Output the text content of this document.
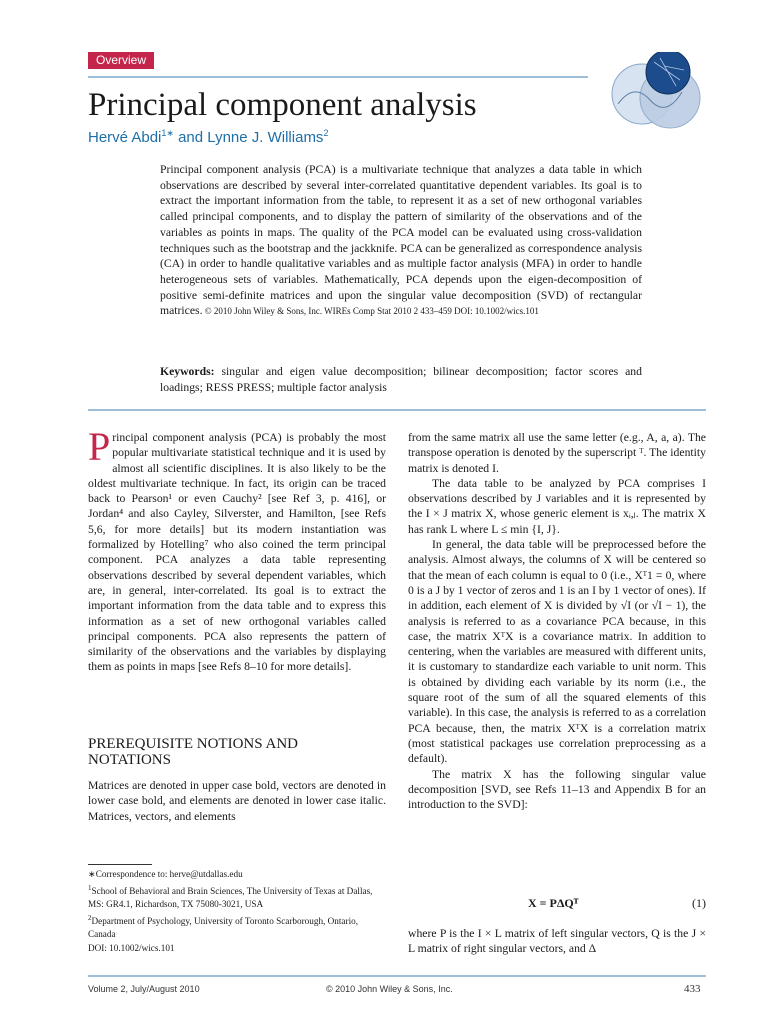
Overview
Principal component analysis
Hervé Abdi$^{1∗}$ and Lynne J. Williams$^2$

Principal component analysis (PCA) is a multivariate technique that analyzes a data table in which observations are described by several inter-correlated quantitative dependent variables. Its goal is to extract the important information from the table, to represent it as a set of new orthogonal variables called principal components, and to display the pattern of similarity of the observations and of the variables as points in maps. The quality of the PCA model can be evaluated using cross-validation techniques such as the bootstrap and the jackknife. PCA can be generalized as correspondence analysis (CA) in order to handle qualitative variables and as multiple factor analysis (MFA) in order to handle heterogeneous sets of variables. Mathematically, PCA depends upon the eigen-decomposition of positive semi-definite matrices and upon the singular value decomposition (SVD) of rectangular matrices. © 2010 John Wiley & Sons, Inc. WIREs Comp Stat 2010 2 433–459 DOI: 10.1002/wics.101

Keywords: singular and eigen value decomposition; bilinear decomposition; factor scores and loadings; RESS PRESS; multiple factor analysis

Principal component analysis (PCA) is probably the most popular multivariate statistical technique and it is used by almost all scientific disciplines. It is also likely to be the oldest multivariate technique. In fact, its origin can be traced back to Pearson¹ or even Cauchy² [see Ref 3, p. 416], or Jordan⁴ and also Cayley, Silverster, and Hamilton, [see Refs 5,6, for more details] but its modern instantiation was formalized by Hotelling⁷ who also coined the term principal component. PCA analyzes a data table representing observations described by several dependent variables, which are, in general, inter-correlated. Its goal is to extract the important information from the data table and to express this information as a set of new orthogonal variables called principal components. PCA also represents the pattern of similarity of the observations and the variables by displaying them as points in maps [see Refs 8–10 for more details].

PREREQUISITE NOTIONS AND NOTATIONS

Matrices are denoted in upper case bold, vectors are denoted in lower case bold, and elements are denoted in lower case italic. Matrices, vectors, and elements

∗Correspondence to: herve@utdallas.edu

$^1$School of Behavioral and Brain Sciences, The University of Texas at Dallas, MS: GR4.1, Richardson, TX 75080-3021, USA

$^2$Department of Psychology, University of Toronto Scarborough, Ontario, Canada

DOI: 10.1002/wics.101

from the same matrix all use the same letter (e.g., A, a, a). The transpose operation is denoted by the superscript ᵀ. The identity matrix is denoted I.

The data table to be analyzed by PCA comprises I observations described by J variables and it is represented by the I × J matrix X, whose generic element is xᵢ,ⱼ. The matrix X has rank L where L ≤ min {I, J}.

In general, the data table will be preprocessed before the analysis. Almost always, the columns of X will be centered so that the mean of each column is equal to 0 (i.e., Xᵀ1 = 0, where 0 is a J by 1 vector of zeros and 1 is an I by 1 vector of ones). If in addition, each element of X is divided by √I (or √I − 1), the analysis is referred to as a covariance PCA because, in this case, the matrix XᵀX is a covariance matrix. In addition to centering, when the variables are measured with different units, it is customary to standardize each variable to unit norm. This is obtained by dividing each variable by its norm (i.e., the square root of the sum of all the squared elements of this variable). In this case, the analysis is referred to as a correlation PCA because, then, the matrix XᵀX is a correlation matrix (most statistical packages use correlation preprocessing as a default).

The matrix X has the following singular value decomposition [SVD, see Refs 11–13 and Appendix B for an introduction to the SVD]:

X = PΔQᵀ	(1)

where P is the I × L matrix of left singular vectors, Q is the J × L matrix of right singular vectors, and Δ

Volume 2, July/August 2010	© 2010 John Wiley & Sons, Inc.	433
